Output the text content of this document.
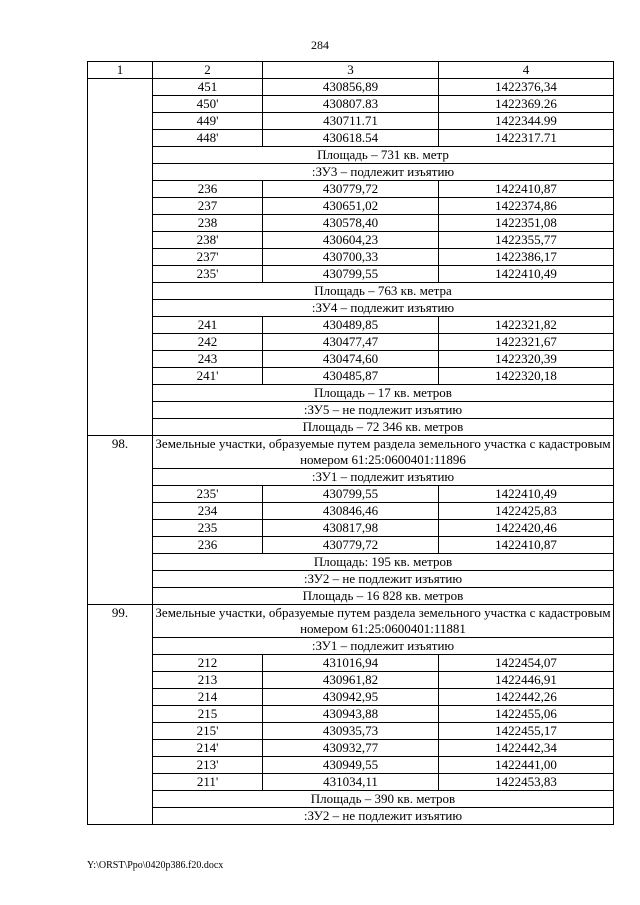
284
1	2	3	4
	451	430856,89	1422376,34
	450'	430807.83	1422369.26
	449'	430711.71	1422344.99
	448'	430618.54	1422317.71
	Площадь – 731 кв. метр		
	:ЗУ3 – подлежит изъятию		
	236	430779,72	1422410,87
	237	430651,02	1422374,86
	238	430578,40	1422351,08
	238'	430604,23	1422355,77
	237'	430700,33	1422386,17
	235'	430799,55	1422410,49
	Площадь – 763 кв. метра		
	:ЗУ4 – подлежит изъятию		
	241	430489,85	1422321,82
	242	430477,47	1422321,67
	243	430474,60	1422320,39
	241'	430485,87	1422320,18
	Площадь – 17 кв. метров		
	:ЗУ5 – не подлежит изъятию		
	Площадь – 72 346 кв. метров		
98.	Земельные участки, образуемые путем раздела земельного участка с кадастровым номером 61:25:0600401:11896		
	:ЗУ1 – подлежит изъятию		
	235'	430799,55	1422410,49
	234	430846,46	1422425,83
	235	430817,98	1422420,46
	236	430779,72	1422410,87
	Площадь: 195 кв. метров		
	:ЗУ2 – не подлежит изъятию		
	Площадь – 16 828 кв. метров		
99.	Земельные участки, образуемые путем раздела земельного участка с кадастровым номером 61:25:0600401:11881		
	:ЗУ1 – подлежит изъятию		
	212	431016,94	1422454,07
	213	430961,82	1422446,91
	214	430942,95	1422442,26
	215	430943,88	1422455,06
	215'	430935,73	1422455,17
	214'	430932,77	1422442,34
	213'	430949,55	1422441,00
	211'	431034,11	1422453,83
	Площадь – 390 кв. метров		
	:ЗУ2 – не подлежит изъятию		
Y:\ORST\Ppo\0420p386.f20.docx
